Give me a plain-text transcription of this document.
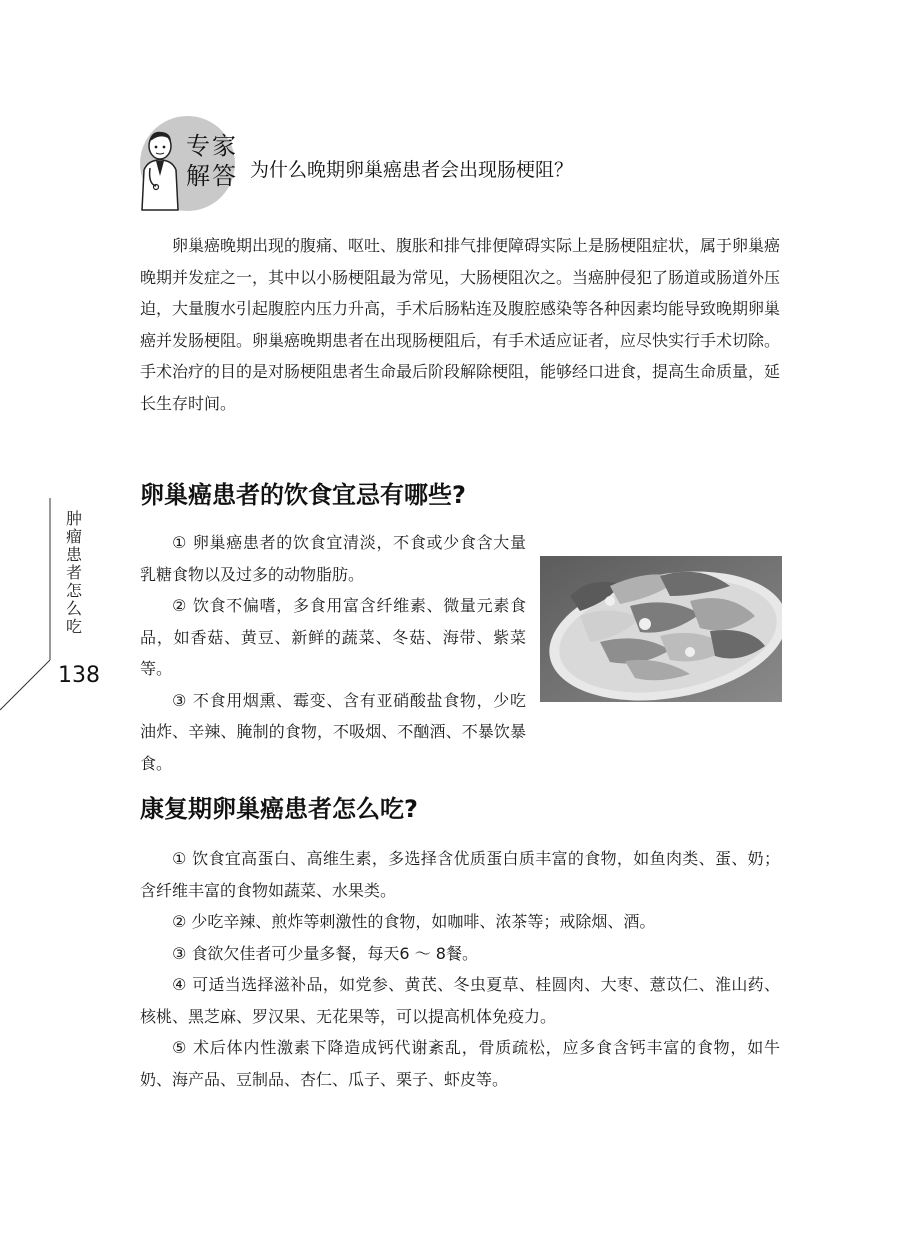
肿
瘤
患
者
怎
么
吃
138
专家
解答 为什么晚期卵巢癌患者会出现肠梗阻？

卵巢癌晚期出现的腹痛、呕吐、腹胀和排气排便障碍实际上是肠梗阻症状，属于卵巢癌晚期并发症之一，其中以小肠梗阻最为常见，大肠梗阻次之。当癌肿侵犯了肠道或肠道外压迫，大量腹水引起腹腔内压力升高，手术后肠粘连及腹腔感染等各种因素均能导致晚期卵巢癌并发肠梗阻。卵巢癌晚期患者在出现肠梗阻后，有手术适应证者，应尽快实行手术切除。手术治疗的目的是对肠梗阻患者生命最后阶段解除梗阻，能够经口进食，提高生命质量，延长生存时间。

卵巢癌患者的饮食宜忌有哪些?

① 卵巢癌患者的饮食宜清淡，不食或少食含大量乳糖食物以及过多的动物脂肪。

② 饮食不偏嗜，多食用富含纤维素、微量元素食品，如香菇、黄豆、新鲜的蔬菜、冬菇、海带、紫菜等。

③ 不食用烟熏、霉变、含有亚硝酸盐食物，少吃油炸、辛辣、腌制的食物，不吸烟、不酗酒、不暴饮暴食。

康复期卵巢癌患者怎么吃?

① 饮食宜高蛋白、高维生素，多选择含优质蛋白质丰富的食物，如鱼肉类、蛋、奶；含纤维丰富的食物如蔬菜、水果类。

② 少吃辛辣、煎炸等刺激性的食物，如咖啡、浓茶等；戒除烟、酒。

③ 食欲欠佳者可少量多餐，每天6 ～ 8餐。

④ 可适当选择滋补品，如党参、黄芪、冬虫夏草、桂圆肉、大枣、薏苡仁、淮山药、核桃、黑芝麻、罗汉果、无花果等，可以提高机体免疫力。

⑤ 术后体内性激素下降造成钙代谢紊乱，骨质疏松，应多食含钙丰富的食物，如牛奶、海产品、豆制品、杏仁、瓜子、栗子、虾皮等。
